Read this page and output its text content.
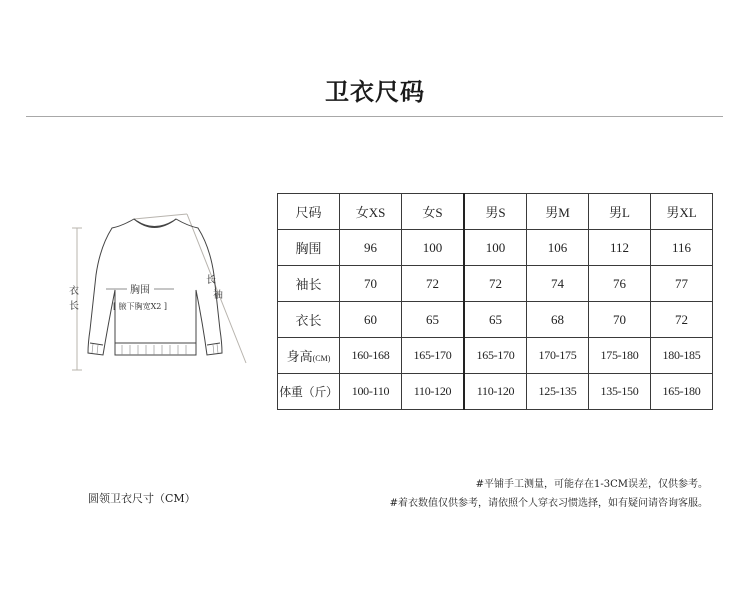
卫衣尺码
胸围
[ 腋下胸宽X2 ]
衣
长
长
袖
尺码	女XS	女S	男S	男M	男L	男XL
胸围	96	100	100	106	112	116
袖长	70	72	72	74	76	77
衣长	60	65	65	68	70	72
身高(CM)	160-168	165-170	165-170	170-175	175-180	180-185
体重（斤）	100-110	110-120	110-120	125-135	135-150	165-180
#平铺手工测量，可能存在1-3CM误差，仅供参考。
#着衣数值仅供参考，请依照个人穿衣习惯选择，如有疑问请咨询客服。
圆领卫衣尺寸（CM）
